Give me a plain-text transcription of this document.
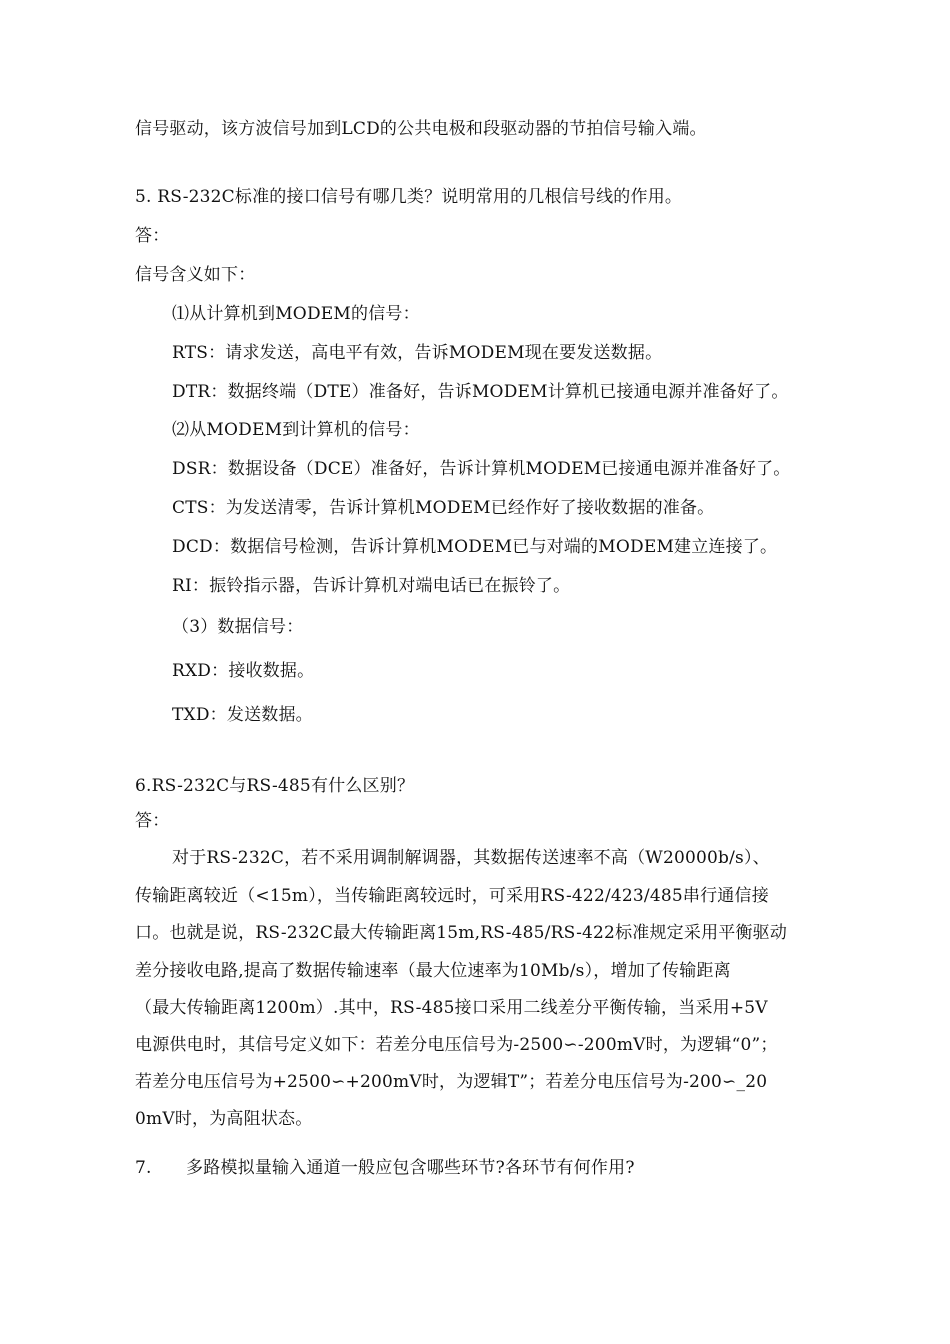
信号驱动，该方波信号加到LCD的公共电极和段驱动器的节拍信号输入端。
5. RS-232C标准的接口信号有哪几类？说明常用的几根信号线的作用。
答：
信号含义如下：
⑴从计算机到MODEM的信号：
RTS：请求发送，高电平有效，告诉MODEM现在要发送数据。
DTR：数据终端（DTE）准备好，告诉MODEM计算机已接通电源并准备好了。
⑵从MODEM到计算机的信号：
DSR：数据设备（DCE）准备好，告诉计算机MODEM已接通电源并准备好了。
CTS：为发送清零，告诉计算机MODEM已经作好了接收数据的准备。
DCD：数据信号检测，告诉计算机MODEM已与对端的MODEM建立连接了。
RI：振铃指示器，告诉计算机对端电话已在振铃了。
（3）数据信号：
RXD：接收数据。
TXD：发送数据。
6.RS-232C与RS-485有什么区别？
答：
对于RS-232C，若不采用调制解调器，其数据传送速率不高（W20000b/s）、
传输距离较近（<15m），当传输距离较远时，可采用RS-422/423/485串行通信接
口。也就是说，RS-232C最大传输距离15m,RS-485/RS-422标准规定采用平衡驱动
差分接收电路,提高了数据传输速率（最大位速率为10Mb/s），增加了传输距离
（最大传输距离1200m）.其中，RS-485接口采用二线差分平衡传输，当采用+5V
电源供电时，其信号定义如下：若差分电压信号为-2500∽-200mV时，为逻辑“0”；
若差分电压信号为+2500∽+200mV时，为逻辑T”；若差分电压信号为-200∽_20
0mV时，为高阻状态。
7.　　多路模拟量输入通道一般应包含哪些环节?各环节有何作用?
